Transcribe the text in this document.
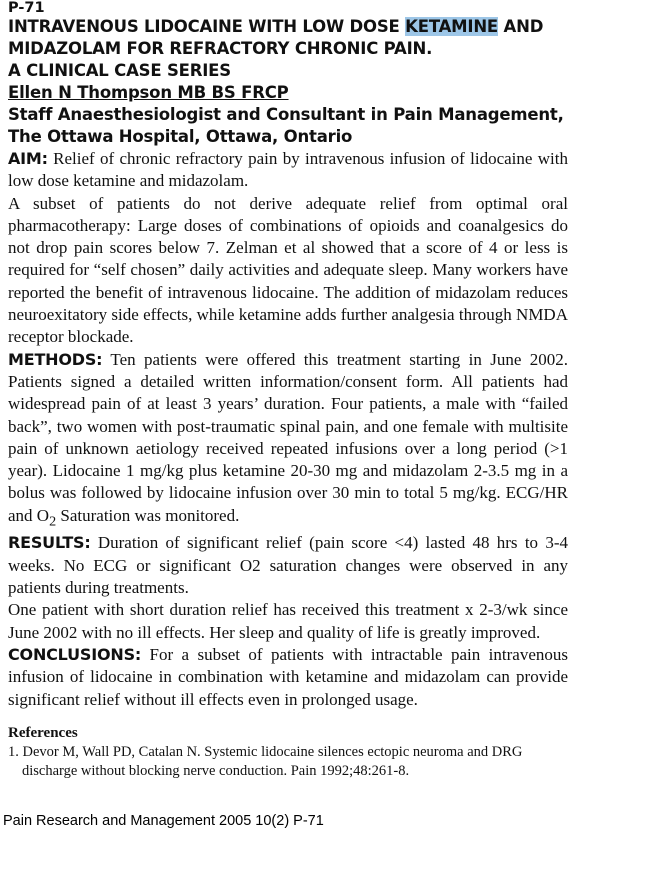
P-71
INTRAVENOUS LIDOCAINE WITH LOW DOSE KETAMINE AND
MIDAZOLAM FOR REFRACTORY CHRONIC PAIN.
A CLINICAL CASE SERIES
Ellen N Thompson MB BS FRCP
Staff Anaesthesiologist and Consultant in Pain Management,
The Ottawa Hospital, Ottawa, Ontario

AIM: Relief of chronic refractory pain by intravenous infusion of lidocaine with low dose ketamine and midazolam.

A subset of patients do not derive adequate relief from optimal oral pharmacotherapy: Large doses of combinations of opioids and coanalgesics do not drop pain scores below 7. Zelman et al showed that a score of 4 or less is required for “self chosen” daily activities and adequate sleep. Many workers have reported the benefit of intravenous lidocaine. The addition of midazolam reduces neuroexitatory side effects, while ketamine adds further analgesia through NMDA receptor blockade.

METHODS: Ten patients were offered this treatment starting in June 2002. Patients signed a detailed written information/consent form. All patients had widespread pain of at least 3 years’ duration. Four patients, a male with “failed back”, two women with post-traumatic spinal pain, and one female with multisite pain of unknown aetiology received repeated infusions over a long period (>1 year). Lidocaine 1 mg/kg plus ketamine 20-30 mg and midazolam 2-3.5 mg in a bolus was followed by lidocaine infusion over 30 min to total 5 mg/kg. ECG/HR and $O_2$ Saturation was monitored.

RESULTS: Duration of significant relief (pain score <4) lasted 48 hrs to 3-4 weeks. No ECG or significant O2 saturation changes were observed in any patients during treatments.

One patient with short duration relief has received this treatment x 2-3/wk since June 2002 with no ill effects. Her sleep and quality of life is greatly improved.

CONCLUSIONS: For a subset of patients with intractable pain intravenous infusion of lidocaine in combination with ketamine and midazolam can provide significant relief without ill effects even in prolonged usage.

References

1. Devor M, Wall PD, Catalan N. Systemic lidocaine silences ectopic neuroma and DRG discharge without blocking nerve conduction. Pain 1992;48:261-8.

Pain Research and Management 2005 10(2) P-71
